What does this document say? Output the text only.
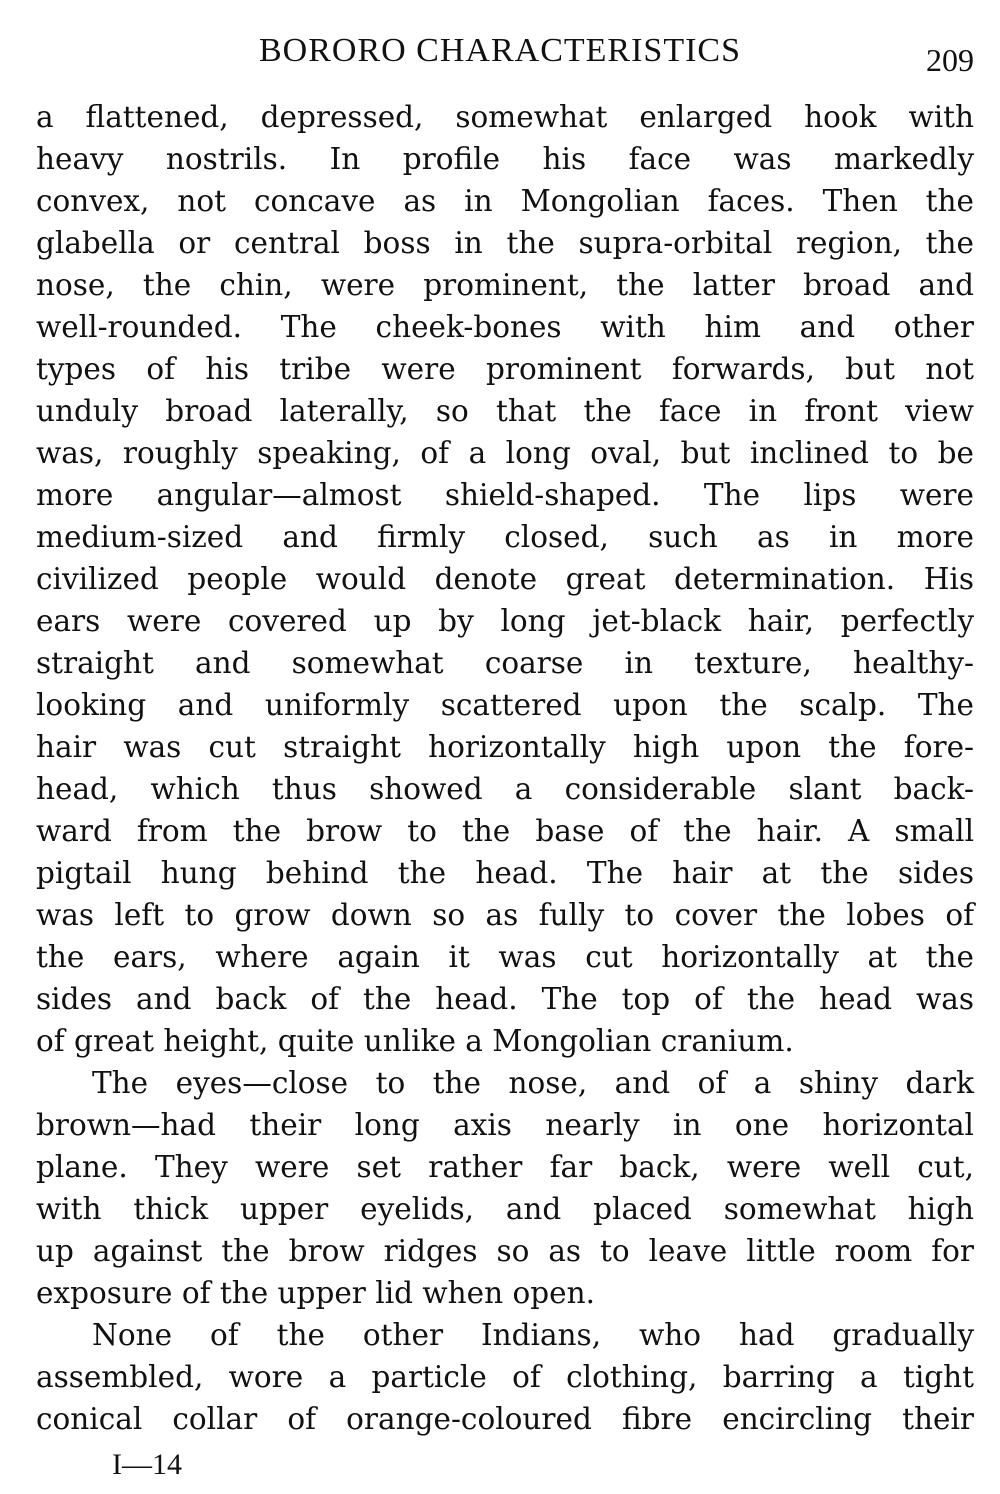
BORORO CHARACTERISTICS	209
a flattened, depressed, somewhat enlarged hook with
heavy nostrils. In profile his face was markedly
convex, not concave as in Mongolian faces. Then the
glabella or central boss in the supra-orbital region, the
nose, the chin, were prominent, the latter broad and
well-rounded. The cheek-bones with him and other
types of his tribe were prominent forwards, but not
unduly broad laterally, so that the face in front view
was, roughly speaking, of a long oval, but inclined to be
more angular—almost shield-shaped. The lips were
medium-sized and firmly closed, such as in more
civilized people would denote great determination. His
ears were covered up by long jet-black hair, perfectly
straight and somewhat coarse in texture, healthy-
looking and uniformly scattered upon the scalp. The
hair was cut straight horizontally high upon the fore-
head, which thus showed a considerable slant back-
ward from the brow to the base of the hair. A small
pigtail hung behind the head. The hair at the sides
was left to grow down so as fully to cover the lobes of
the ears, where again it was cut horizontally at the
sides and back of the head. The top of the head was
of great height, quite unlike a Mongolian cranium.
The eyes—close to the nose, and of a shiny dark
brown—had their long axis nearly in one horizontal
plane. They were set rather far back, were well cut,
with thick upper eyelids, and placed somewhat high
up against the brow ridges so as to leave little room for
exposure of the upper lid when open.
None of the other Indians, who had gradually
assembled, wore a particle of clothing, barring a tight
conical collar of orange-coloured fibre encircling their
I—14
